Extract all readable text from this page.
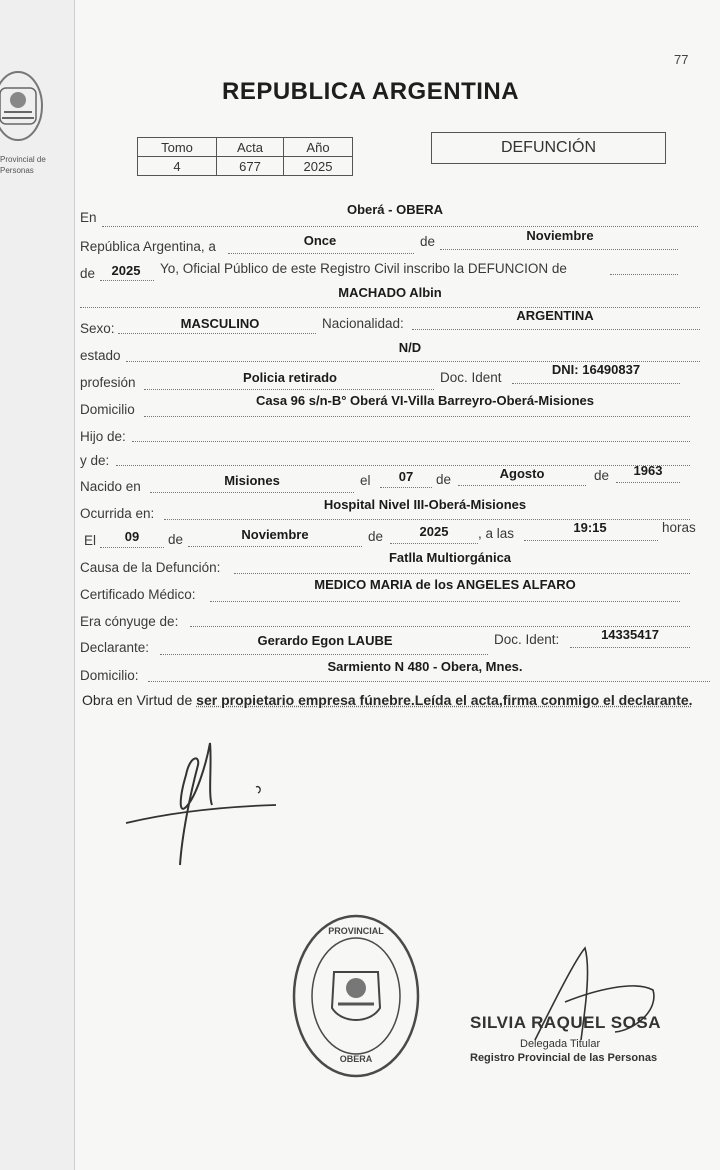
Provincial de
Personas
77
REPUBLICA ARGENTINA
Tomo	Acta	Año
4	677	2025
DEFUNCIÓN
En
Oberá - OBERA
República Argentina, a	Once	de	Noviembre
de	2025	Yo, Oficial Público de este Registro Civil inscribo la DEFUNCION de
MACHADO Albin
Sexo:	MASCULINO	Nacionalidad:
ARGENTINA
estado
N/D
profesión	Policia retirado	Doc. Ident
DNI: 16490837
Domicilio
Casa 96 s/n-B° Oberá VI-Villa Barreyro-Oberá-Misiones
Hijo de:
y de:
Nacido en	Misiones	el	07	de	Agosto	de	1963
Ocurrida en:
Hospital Nivel III-Oberá-Misiones
El	09	de	Noviembre	de	2025	, a las	19:15	horas
Causa de la Defunción:
Fatlla Multiorgánica
Certificado Médico:
MEDICO MARIA de los ANGELES ALFARO
Era cónyuge de:
Declarante:	Gerardo Egon LAUBE	Doc. Ident:	14335417
Domicilio:
Sarmiento N 480 - Obera, Mnes.
Obra en Virtud de ser propietario empresa fúnebre.Leída el acta,firma conmigo el declarante.
PROVINCIAL
OBERA
SILVIA RAQUEL SOSA
Delegada Titular
Registro Provincial de las Personas
